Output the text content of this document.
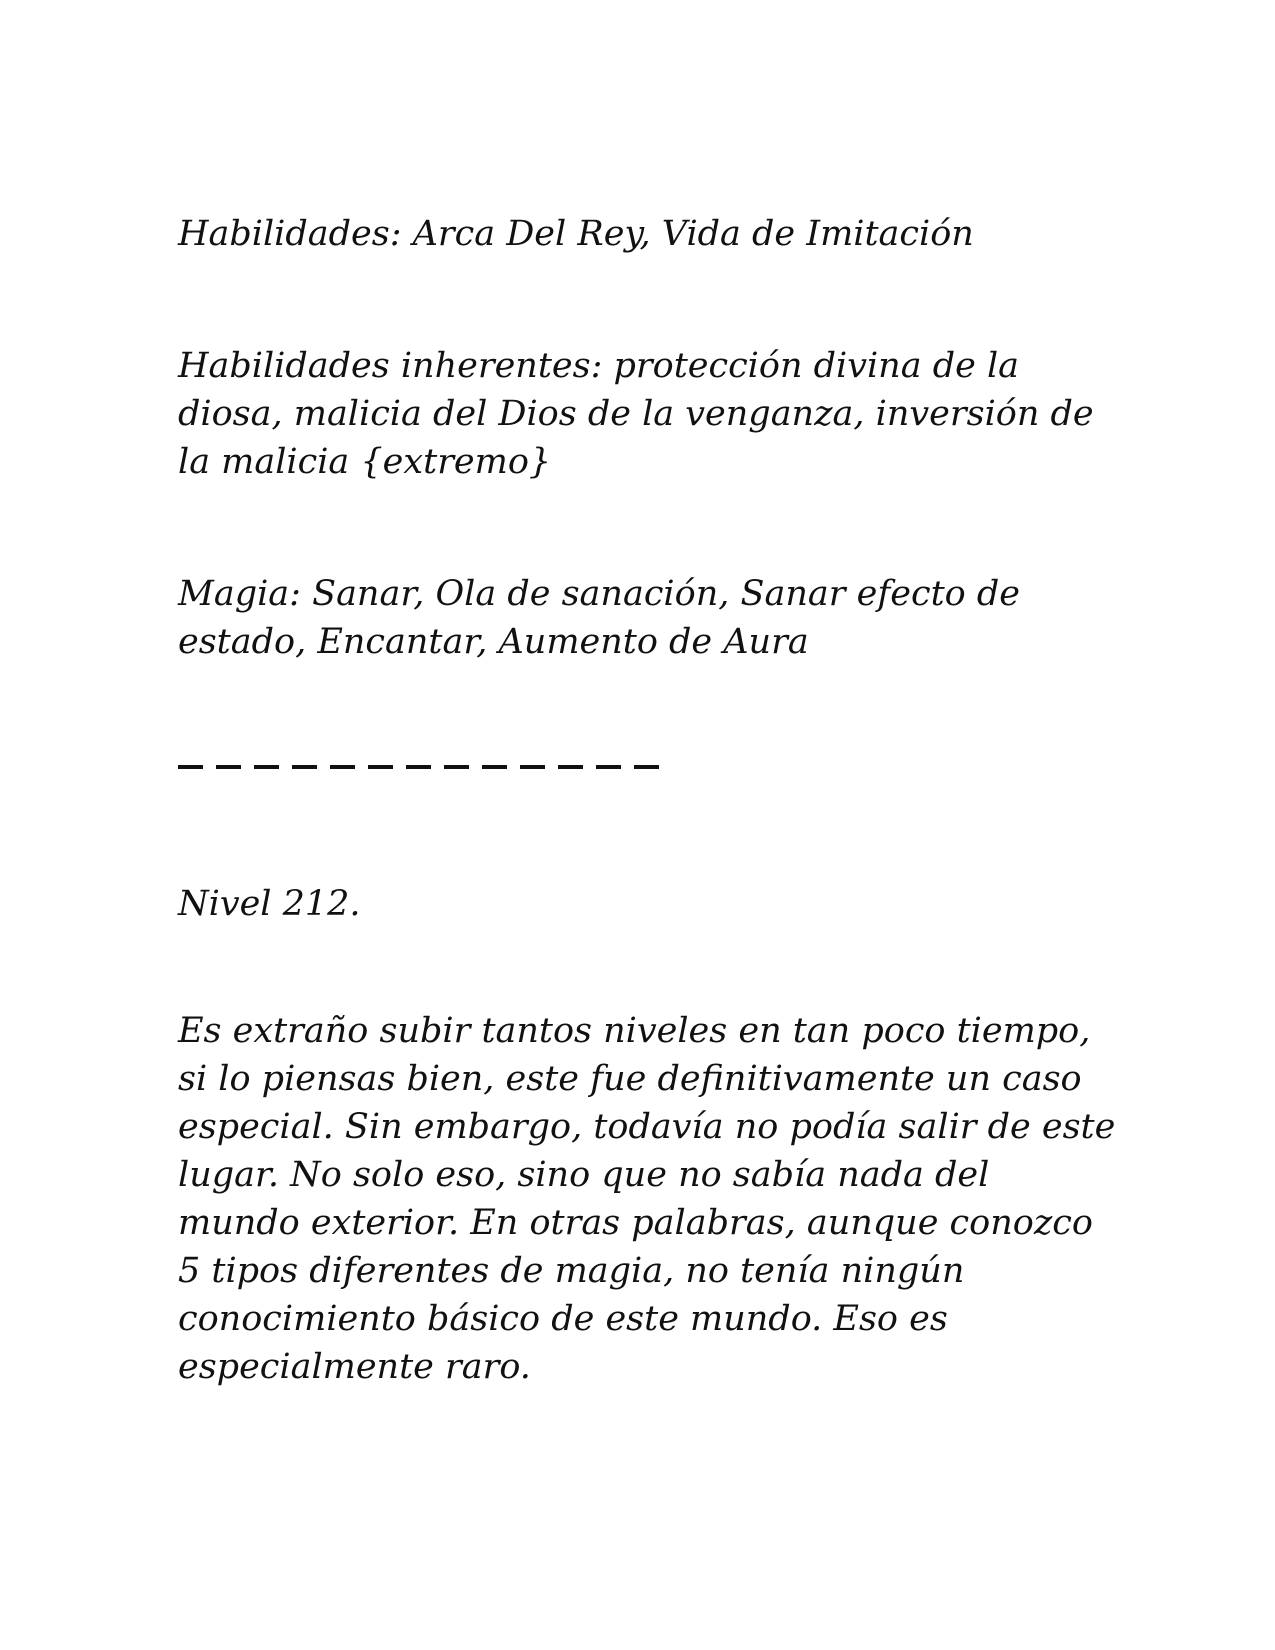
Habilidades: Arca Del Rey, Vida de Imitación

Habilidades inherentes: protección divina de la
diosa, malicia del Dios de la venganza, inversión de
la malicia {extremo}

Magia: Sanar, Ola de sanación, Sanar efecto de
estado, Encantar, Aumento de Aura

Nivel 212.

Es extraño subir tantos niveles en tan poco tiempo,
si lo piensas bien, este fue definitivamente un caso
especial. Sin embargo, todavía no podía salir de este
lugar. No solo eso, sino que no sabía nada del
mundo exterior. En otras palabras, aunque conozco
5 tipos diferentes de magia, no tenía ningún
conocimiento básico de este mundo. Eso es
especialmente raro.
